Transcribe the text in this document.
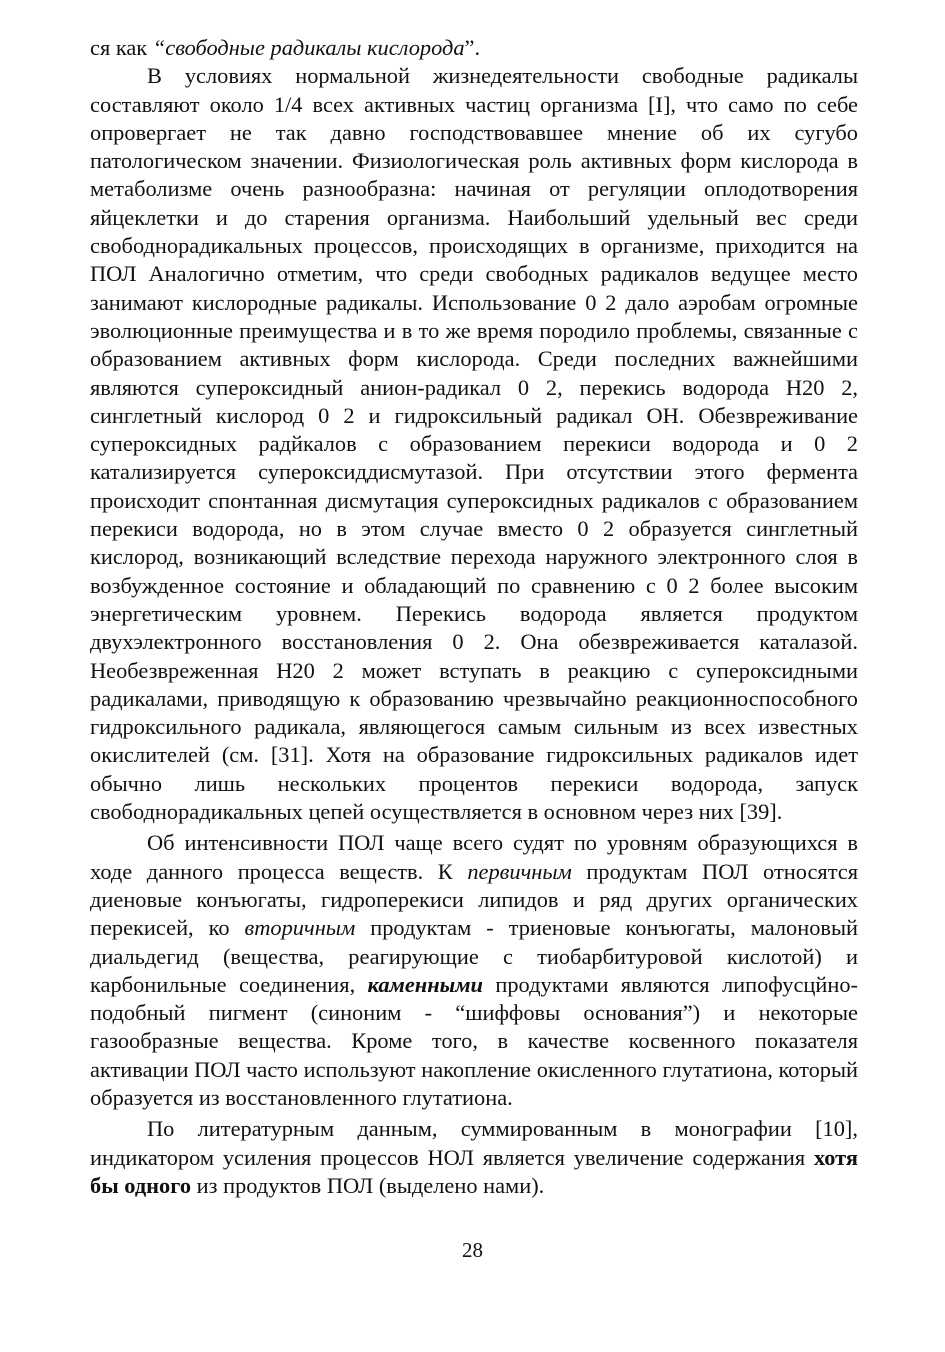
ся как “свободные радикалы кислорода”.

В условиях нормальной жизнедеятельности свободные радикалы составляют около 1/4 всех активных частиц организма [I], что само по себе опровергает не так давно господствовавшее мнение об их сугубо патологическом значении. Физиологическая роль активных форм кислорода в метаболизме очень разнообразна: начиная от регуляции оплодотворения яйцеклетки и до старения организма. Наибольший удельный вес среди свободнорадикальных процессов, происходящих в организме, приходится на ПОЛ Аналогично отметим, что среди свободных радикалов ведущее место занимают кислородные радикалы. Использование 0 2 дало аэробам огромные эволюционные преимущества и в то же время породило проблемы, связанные с образованием активных форм кислорода. Среди последних важнейшими являются супероксидный анион-радикал 0 2, перекись водорода Н20 2, синглетный кислород 0 2 и гидроксильный радикал ОН. Обезвреживание супероксидных радйкалов с образованием перекиси водорода и 0 2 катализируется супероксиддисмутазой. При отсутствии этого фермента происходит спонтанная дисмутация супероксидных радикалов с образованием перекиси водорода, но в этом случае вместо 0 2 образуется синглетный кислород, возникающий вследствие перехода наружного электронного слоя в возбужденное состояние и обладающий по сравнению с 0 2 более высоким энергетическим уровнем. Перекись водорода является продуктом двухэлектронного восстановления 0 2. Она обезвреживается каталазой. Необезвреженная Н20 2 может вступать в реакцию с супероксидными радикалами, приводящую к образованию чрезвычайно реакционноспособного гидроксильного радикала, являющегося самым сильным из всех известных окислителей (см. [31]. Хотя на образование гидроксильных радикалов идет обычно лишь нескольких процентов перекиси водорода, запуск свободнорадикальных цепей осуществляется в основном через них [39].

Об интенсивности ПОЛ чаще всего судят по уровням образующихся в ходе данного процесса веществ. К первичным продуктам ПОЛ относятся диеновые конъюгаты, гидроперекиси липидов и ряд других органических перекисей, ко вторичным продуктам - триеновые конъюгаты, малоновый диальдегид (вещества, реагирующие с тиобарбитуровой кислотой) и карбонильные соединения, каменными продуктами являются липофусцйно-подобный пигмент (синоним - “шиффовы основания”) и некоторые газообразные вещества. Кроме того, в качестве косвенного показателя активации ПОЛ часто используют накопление окисленного глутатиона, который образуется из восстановленного глутатиона.

По литературным данным, суммированным в монографии [10], индикатором усиления процессов НОЛ является увеличение содержания хотя бы одного из продуктов ПОЛ (выделено нами).

28
